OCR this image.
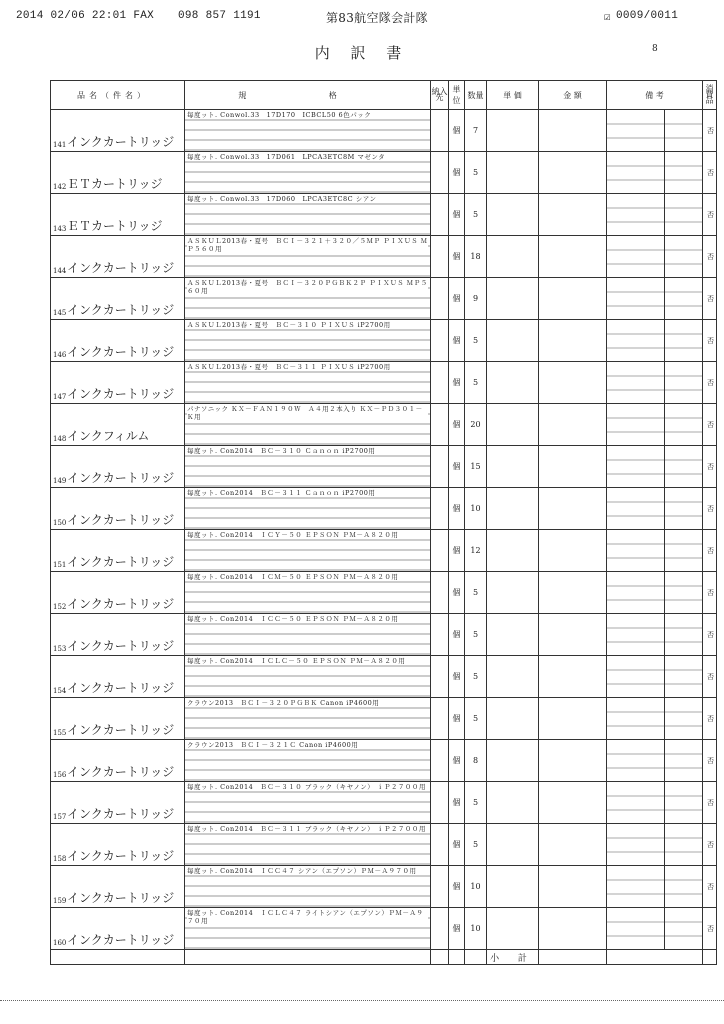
2014 02/06 22:01 FAX 098 857 1191	第83航空隊会計隊	☑ 0009/0011
内 訳 書	8
品名（件名）	規 格	納入先	単位	数量	単 価	金 額	備 考		消費品

141 インクカートリッジ	毎度ット. Conwol.33　17D170　ICBCL50 6色パック		個	7					否

142 ＥＴカートリッジ	毎度ット. Conwol.33　17D061　LPCA3ETC8M マゼンタ		個	5					否

143 ＥＴカートリッジ	毎度ット. Conwol.33　17D060　LPCA3ETC8C シアン		個	5					否

144 インクカートリッジ	ＡＳＫＵＬ2013春・夏号　ＢＣＩ－３２１＋３２０／５ＭＰ ＰＩＸＵＳ ＭＰ５６０用		個	18					否

145 インクカートリッジ	ＡＳＫＵＬ2013春・夏号　ＢＣＩ－３２０ＰＧＢＫ２Ｐ ＰＩＸＵＳ ＭＰ５６０用		個	9					否

146 インクカートリッジ	ＡＳＫＵＬ2013春・夏号　ＢＣ－３１０ ＰＩＸＵＳ iP2700用		個	5					否

147 インクカートリッジ	ＡＳＫＵＬ2013春・夏号　ＢＣ－３１１ ＰＩＸＵＳ iP2700用		個	5					否

148 インクフィルム	パナソニック ＫＸ－ＦＡＮ１９０Ｗ　Ａ４用２本入り ＫＸ－ＰＤ３０１－Ｋ用		個	20					否

149 インクカートリッジ	毎度ット. Con2014　ＢＣ－３１０ Ｃａｎｏｎ iP2700用		個	15					否

150 インクカートリッジ	毎度ット. Con2014　ＢＣ－３１１ Ｃａｎｏｎ iP2700用		個	10					否

151 インクカートリッジ	毎度ット. Con2014　ＩＣＹ－５０ ＥＰＳＯＮ ＰＭ－Ａ８２０用		個	12					否

152 インクカートリッジ	毎度ット. Con2014　ＩＣＭ－５０ ＥＰＳＯＮ ＰＭ－Ａ８２０用		個	5					否

153 インクカートリッジ	毎度ット. Con2014　ＩＣＣ－５０ ＥＰＳＯＮ ＰＭ－Ａ８２０用		個	5					否

154 インクカートリッジ	毎度ット. Con2014　ＩＣＬＣ－５０ ＥＰＳＯＮ ＰＭ－Ａ８２０用		個	5					否

155 インクカートリッジ	クラウン2013　ＢＣＩ－３２０ＰＧＢＫ Canon iP4600用		個	5					否

156 インクカートリッジ	クラウン2013　ＢＣＩ－３２１Ｃ Canon iP4600用		個	8					否

157 インクカートリッジ	毎度ット. Con2014　ＢＣ－３１０ ブラック（キヤノン） ｉＰ２７００用		個	5					否

158 インクカートリッジ	毎度ット. Con2014　ＢＣ－３１１ ブラック（キヤノン） ｉＰ２７００用		個	5					否

159 インクカートリッジ	毎度ット. Con2014　ＩＣＣ４７ シアン（エプソン）ＰＭ－Ａ９７０用		個	10					否

160 インクカートリッジ	毎度ット. Con2014　ＩＣＬＣ４７ ライトシアン（エプソン）ＰＭ－Ａ９７０用		個	10					否
					小 計				
